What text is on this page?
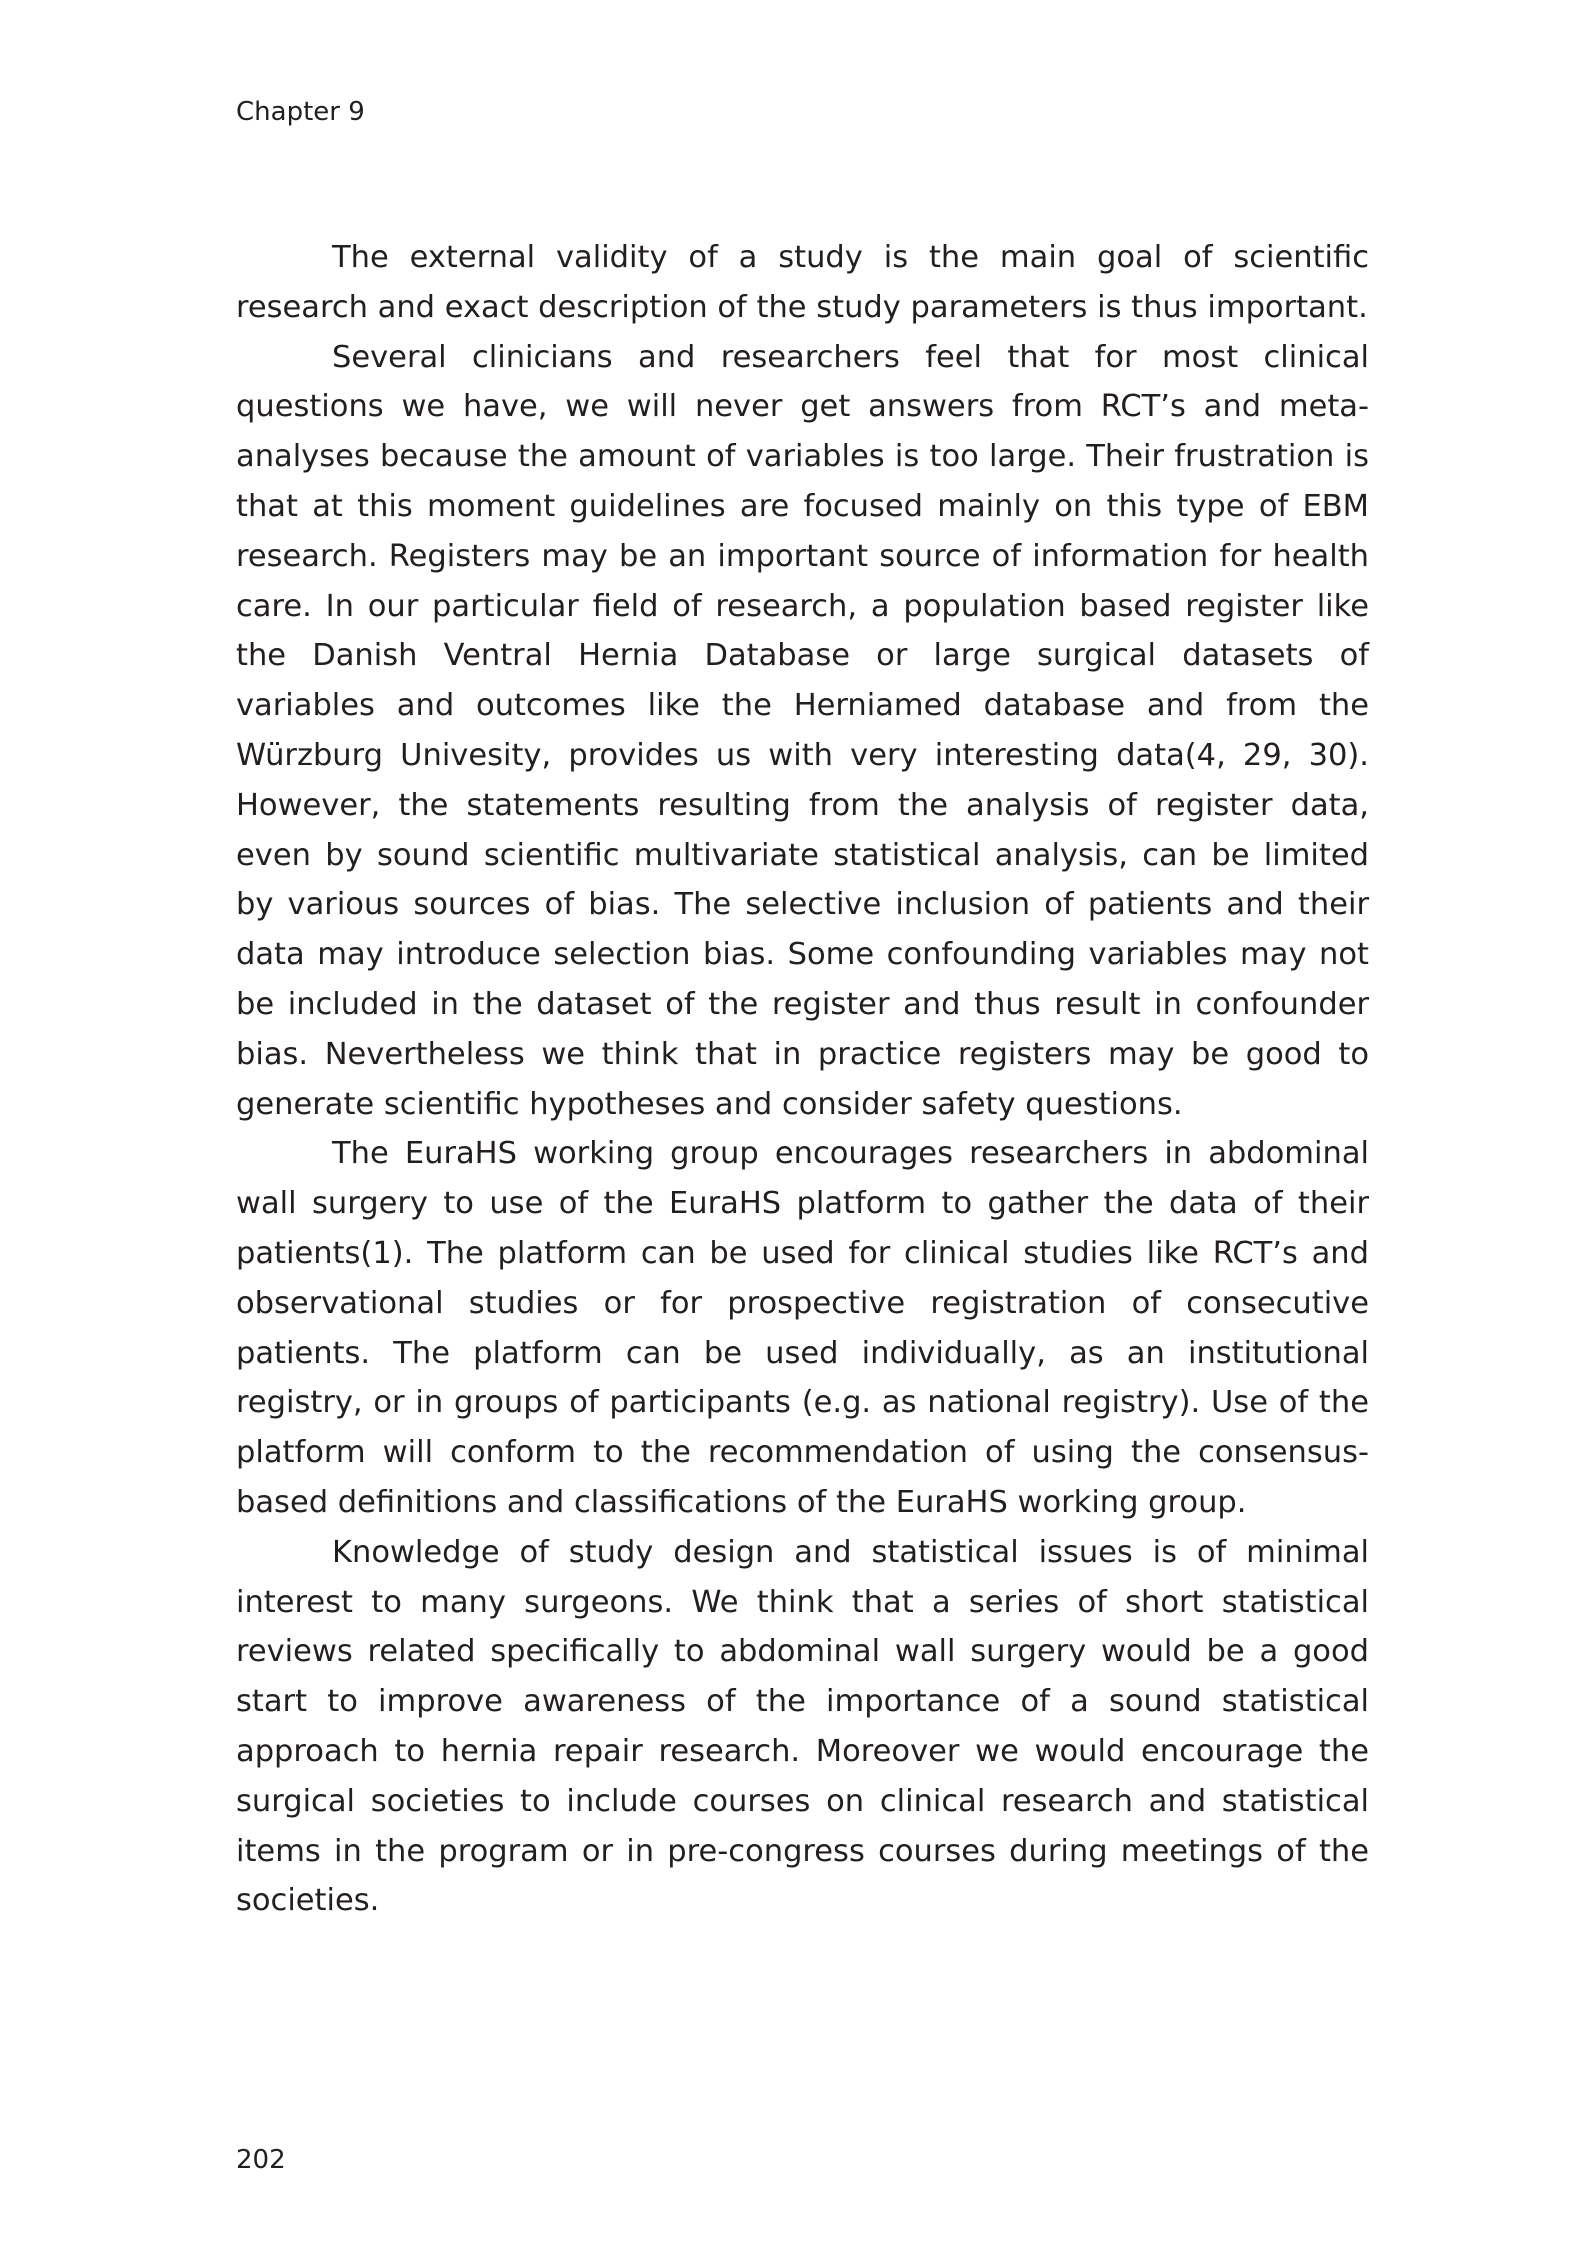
Chapter 9

The external validity of a study is the main goal of scientific research and exact description of the study parameters is thus important.

Several clinicians and researchers feel that for most clinical questions we have, we will never get answers from RCT’s and meta-analyses because the amount of variables is too large. Their frustration is that at this moment guidelines are focused mainly on this type of EBM research. Registers may be an important source of information for health care. In our particular field of research, a population based register like the Danish Ventral Hernia Database or large surgical datasets of variables and outcomes like the Herniamed database and from the Würzburg Univesity, provides us with very interesting data(4, 29, 30). However, the statements resulting from the analysis of register data, even by sound scientific multivariate statistical analysis, can be limited by various sources of bias. The selective inclusion of patients and their data may introduce selection bias. Some confounding variables may not be included in the dataset of the register and thus result in confounder bias. Nevertheless we think that in practice registers may be good to generate scientific hypotheses and consider safety questions.

The EuraHS working group encourages researchers in abdominal wall surgery to use of the EuraHS platform to gather the data of their patients(1). The platform can be used for clinical studies like RCT’s and observational studies or for prospective registration of consecutive patients. The platform can be used individually, as an institutional registry, or in groups of participants (e.g. as national registry). Use of the platform will conform to the recommendation of using the consensus-based definitions and classifications of the EuraHS working group.

Knowledge of study design and statistical issues is of minimal interest to many surgeons. We think that a series of short statistical reviews related specifically to abdominal wall surgery would be a good start to improve awareness of the importance of a sound statistical approach to hernia repair research. Moreover we would encourage the surgical societies to include courses on clinical research and statistical items in the program or in pre-congress courses during meetings of the societies.

202
